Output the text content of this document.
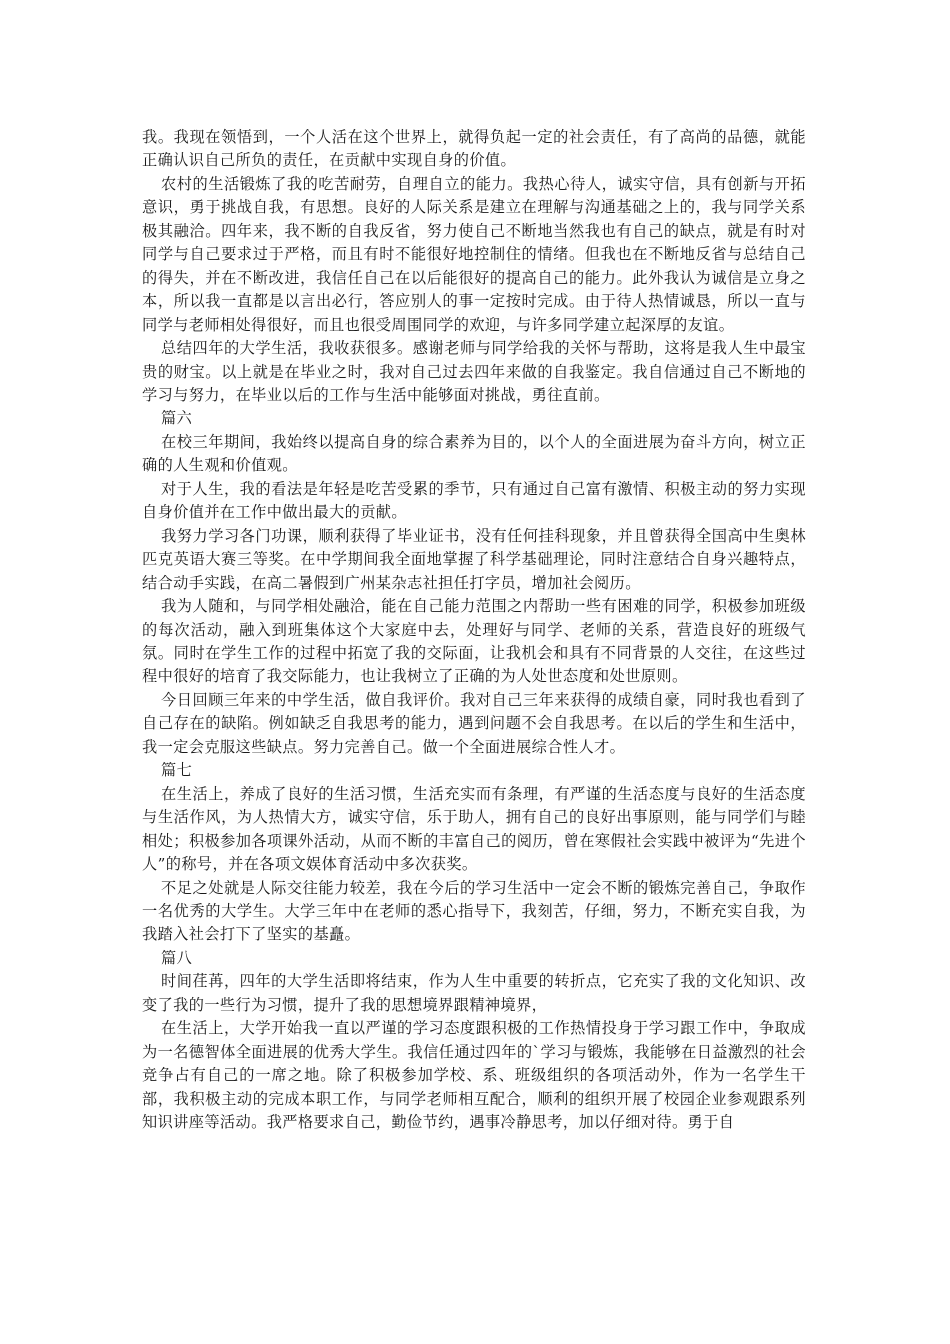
我。我现在领悟到，一个人活在这个世界上，就得负起一定的社会责任，有了高尚的品德，就能正确认识自己所负的责任，在贡献中实现自身的价值。

农村的生活锻炼了我的吃苦耐劳，自理自立的能力。我热心待人，诚实守信，具有创新与开拓意识，勇于挑战自我，有思想。良好的人际关系是建立在理解与沟通基础之上的，我与同学关系极其融洽。四年来，我不断的自我反省，努力使自己不断地当然我也有自己的缺点，就是有时对同学与自己要求过于严格，而且有时不能很好地控制住的情绪。但我也在不断地反省与总结自己的得失，并在不断改进，我信任自己在以后能很好的提高自己的能力。此外我认为诚信是立身之本，所以我一直都是以言出必行，答应别人的事一定按时完成。由于待人热情诚恳，所以一直与同学与老师相处得很好，而且也很受周围同学的欢迎，与许多同学建立起深厚的友谊。

总结四年的大学生活，我收获很多。感谢老师与同学给我的关怀与帮助，这将是我人生中最宝贵的财宝。以上就是在毕业之时，我对自己过去四年来做的自我鉴定。我自信通过自己不断地的学习与努力，在毕业以后的工作与生活中能够面对挑战，勇往直前。

篇六

在校三年期间，我始终以提高自身的综合素养为目的，以个人的全面进展为奋斗方向，树立正确的人生观和价值观。

对于人生，我的看法是年轻是吃苦受累的季节，只有通过自己富有激情、积极主动的努力实现自身价值并在工作中做出最大的贡献。

我努力学习各门功课，顺利获得了毕业证书，没有任何挂科现象，并且曾获得全国高中生奥林匹克英语大赛三等奖。在中学期间我全面地掌握了科学基础理论，同时注意结合自身兴趣特点，结合动手实践，在高二暑假到广州某杂志社担任打字员，增加社会阅历。

我为人随和，与同学相处融洽，能在自己能力范围之内帮助一些有困难的同学，积极参加班级的每次活动，融入到班集体这个大家庭中去，处理好与同学、老师的关系，营造良好的班级气氛。同时在学生工作的过程中拓宽了我的交际面，让我机会和具有不同背景的人交往，在这些过程中很好的培育了我交际能力，也让我树立了正确的为人处世态度和处世原则。

今日回顾三年来的中学生活，做自我评价。我对自己三年来获得的成绩自豪，同时我也看到了自己存在的缺陷。例如缺乏自我思考的能力，遇到问题不会自我思考。在以后的学生和生活中，我一定会克服这些缺点。努力完善自己。做一个全面进展综合性人才。

篇七

在生活上，养成了良好的生活习惯，生活充实而有条理，有严谨的生活态度与良好的生活态度与生活作风，为人热情大方，诚实守信，乐于助人，拥有自己的良好出事原则，能与同学们与睦相处；积极参加各项课外活动，从而不断的丰富自己的阅历，曾在寒假社会实践中被评为“先进个人”的称号，并在各项文娱体育活动中多次获奖。

不足之处就是人际交往能力较差，我在今后的学习生活中一定会不断的锻炼完善自己，争取作一名优秀的大学生。大学三年中在老师的悉心指导下，我刻苦，仔细，努力，不断充实自我，为我踏入社会打下了坚实的基矗。

篇八

时间荏苒，四年的大学生活即将结束，作为人生中重要的转折点，它充实了我的文化知识、改变了我的一些行为习惯，提升了我的思想境界跟精神境界，

在生活上，大学开始我一直以严谨的学习态度跟积极的工作热情投身于学习跟工作中，争取成为一名德智体全面进展的优秀大学生。我信任通过四年的`学习与锻炼，我能够在日益激烈的社会竞争占有自己的一席之地。除了积极参加学校、系、班级组织的各项活动外，作为一名学生干部，我积极主动的完成本职工作，与同学老师相互配合，顺利的组织开展了校园企业参观跟系列知识讲座等活动。我严格要求自己，勤俭节约，遇事冷静思考，加以仔细对待。勇于自
